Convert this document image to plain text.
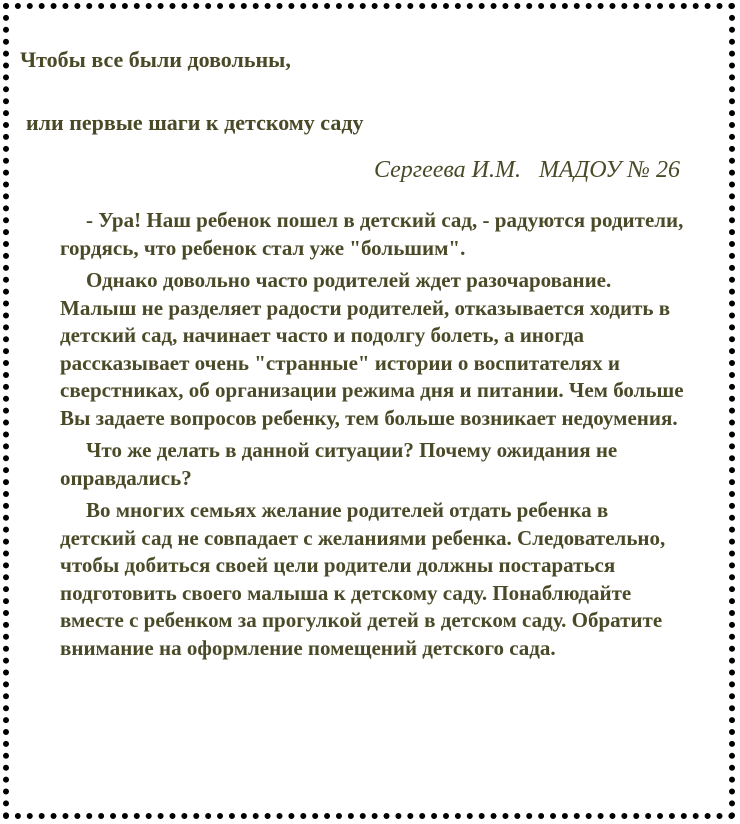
Чтобы все были довольны,
или первые шаги к детскому саду
Сергеева И.М. МАДОУ № 26

- Ура! Наш ребенок пошел в детский сад, - радуются родители, гордясь, что ребенок стал уже "большим".

Однако довольно часто родителей ждет разочарование. Малыш не разделяет радости родителей, отказывается ходить в детский сад, начинает часто и подолгу болеть, а иногда рассказывает очень "странные" истории о воспитателях и сверстниках, об организации режима дня и питании. Чем больше Вы задаете вопросов ребенку, тем больше возникает недоумения.

Что же делать в данной ситуации? Почему ожидания не оправдались?

Во многих семьях желание родителей отдать ребенка в детский сад не совпадает с желаниями ребенка. Следовательно, чтобы добиться своей цели родители должны постараться подготовить своего малыша к детскому саду. Понаблюдайте вместе с ребенком за прогулкой детей в детском саду. Обратите внимание на оформление помещений детского сада.
